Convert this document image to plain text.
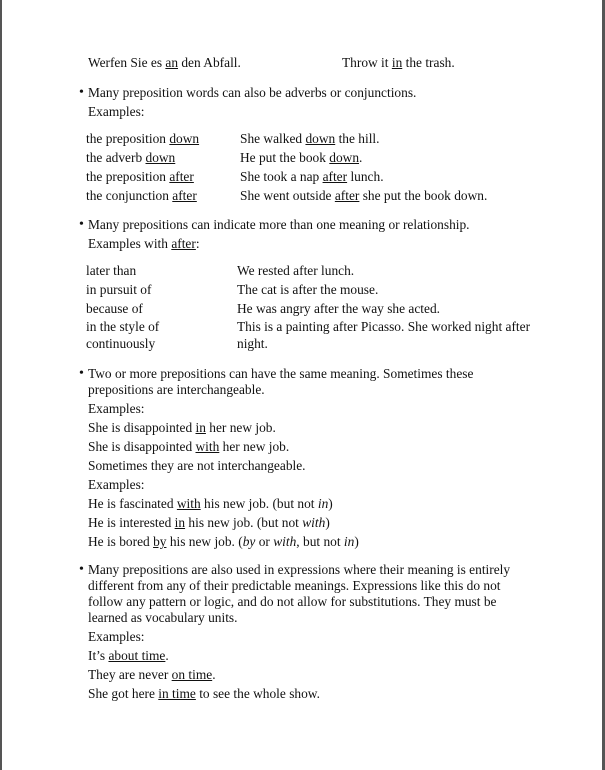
Werfen Sie es an den Abfall.	Throw it in the trash.
• Many preposition words can also be adverbs or conjunctions.
Examples:
the preposition down	She walked down the hill.
the adverb down	He put the book down.
the preposition after	She took a nap after lunch.
the conjunction after	She went outside after she put the book down.
• Many prepositions can indicate more than one meaning or relationship.
Examples with after:
later than	We rested after lunch.
in pursuit of	The cat is after the mouse.
because of	He was angry after the way she acted.
in the style of	This is a painting after Picasso. She worked night after
continuously	night.
• Two or more prepositions can have the same meaning. Sometimes these
prepositions are interchangeable.
Examples:
She is disappointed in her new job.
She is disappointed with her new job.
Sometimes they are not interchangeable.
Examples:
He is fascinated with his new job. (but not in)
He is interested in his new job. (but not with)
He is bored by his new job. (by or with, but not in)
• Many prepositions are also used in expressions where their meaning is entirely
different from any of their predictable meanings. Expressions like this do not
follow any pattern or logic, and do not allow for substitutions. They must be
learned as vocabulary units.
Examples:
It’s about time.
They are never on time.
She got here in time to see the whole show.
